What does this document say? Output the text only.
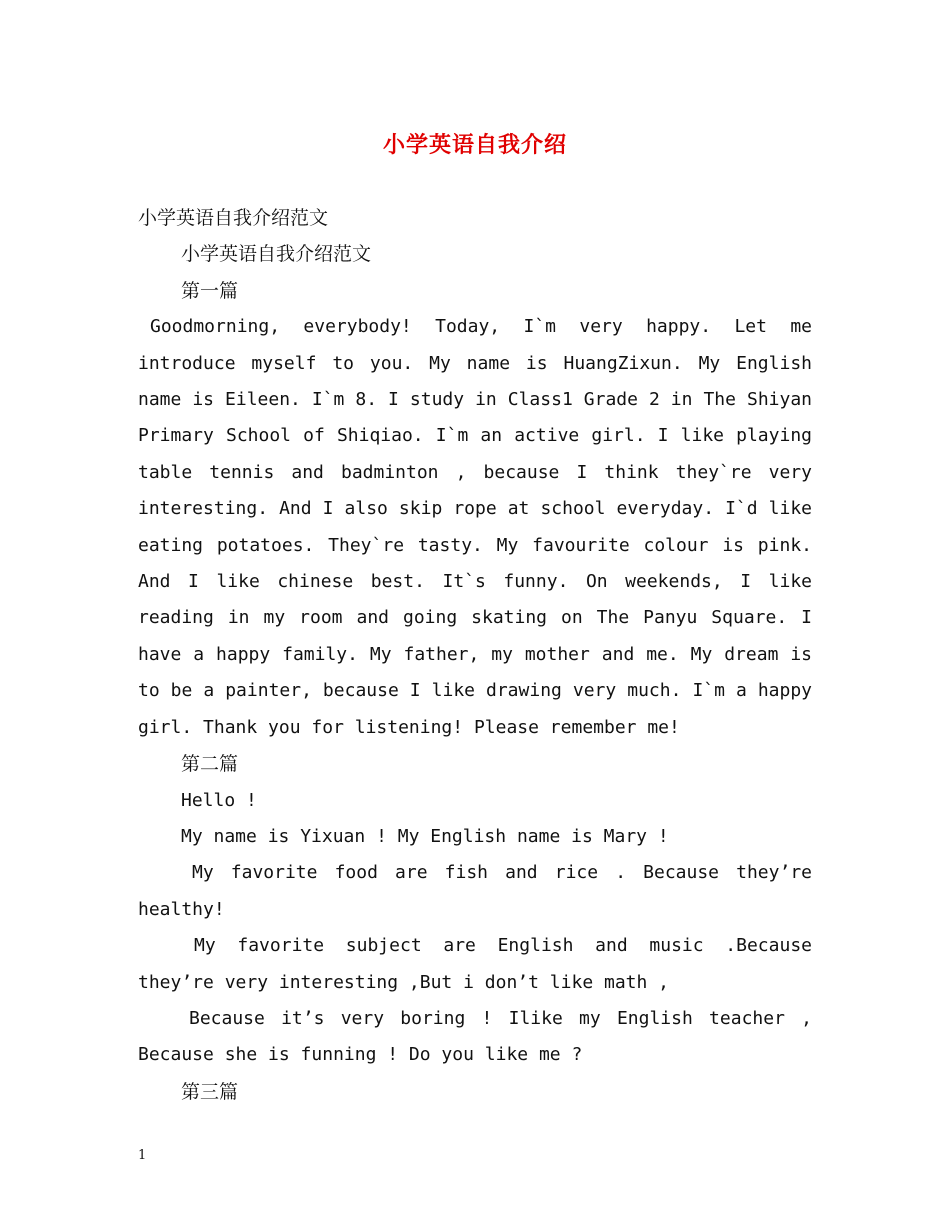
小学英语自我介绍

小学英语自我介绍范文

小学英语自我介绍范文

第一篇

Goodmorning, everybody! Today, I`m very happy. Let me

introduce myself to you. My name is HuangZixun. My English

name is Eileen. I`m 8. I study in Class1 Grade 2 in The Shiyan

Primary School of Shiqiao. I`m an active girl. I like playing

table tennis and badminton , because I think they`re very

interesting. And I also skip rope at school everyday. I`d like

eating potatoes. They`re tasty. My favourite colour is pink.

And I like chinese best. It`s funny. On weekends, I like

reading in my room and going skating on The Panyu Square. I

have a happy family. My father, my mother and me. My dream is

to be a painter, because I like drawing very much. I`m a happy

girl. Thank you for listening! Please remember me!

第二篇

Hello !

My name is Yixuan ! My English name is Mary !

My favorite food are fish and rice . Because they’re

healthy!

My favorite subject are English and music .Because

they’re very interesting ,But i don’t like math ,

Because it’s very boring ! Ilike my English teacher ,

Because she is funning ! Do you like me ?

第三篇

1
